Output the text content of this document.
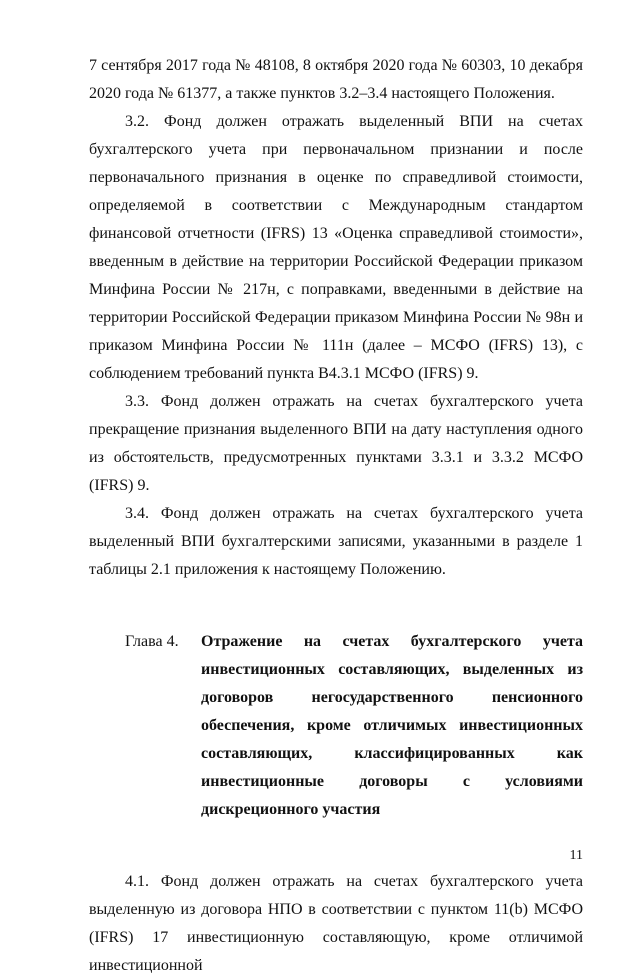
7 сентября 2017 года № 48108, 8 октября 2020 года № 60303, 10 декабря 2020 года № 61377, а также пунктов 3.2–3.4 настоящего Положения.

3.2. Фонд должен отражать выделенный ВПИ на счетах бухгалтерского учета при первоначальном признании и после первоначального признания в оценке по справедливой стоимости, определяемой в соответствии с Международным стандартом финансовой отчетности (IFRS) 13 «Оценка справедливой стоимости», введенным в действие на территории Российской Федерации приказом Минфина России № 217н, с поправками, введенными в действие на территории Российской Федерации приказом Минфина России № 98н и приказом Минфина России № 111н (далее – МСФО (IFRS) 13), с соблюдением требований пункта B4.3.1 МСФО (IFRS) 9.

3.3. Фонд должен отражать на счетах бухгалтерского учета прекращение признания выделенного ВПИ на дату наступления одного из обстоятельств, предусмотренных пунктами 3.3.1 и 3.3.2 МСФО (IFRS) 9.

3.4. Фонд должен отражать на счетах бухгалтерского учета выделенный ВПИ бухгалтерскими записями, указанными в разделе 1 таблицы 2.1 приложения к настоящему Положению.

Глава 4.	Отражение на счетах бухгалтерского учета инвестиционных составляющих, выделенных из договоров негосударственного пенсионного обеспечения, кроме отличимых инвестиционных составляющих, классифицированных как инвестиционные договоры с условиями дискреционного участия

4.1. Фонд должен отражать на счетах бухгалтерского учета выделенную из договора НПО в соответствии с пунктом 11(b) МСФО (IFRS) 17 инвестиционную составляющую, кроме отличимой инвестиционной

11
